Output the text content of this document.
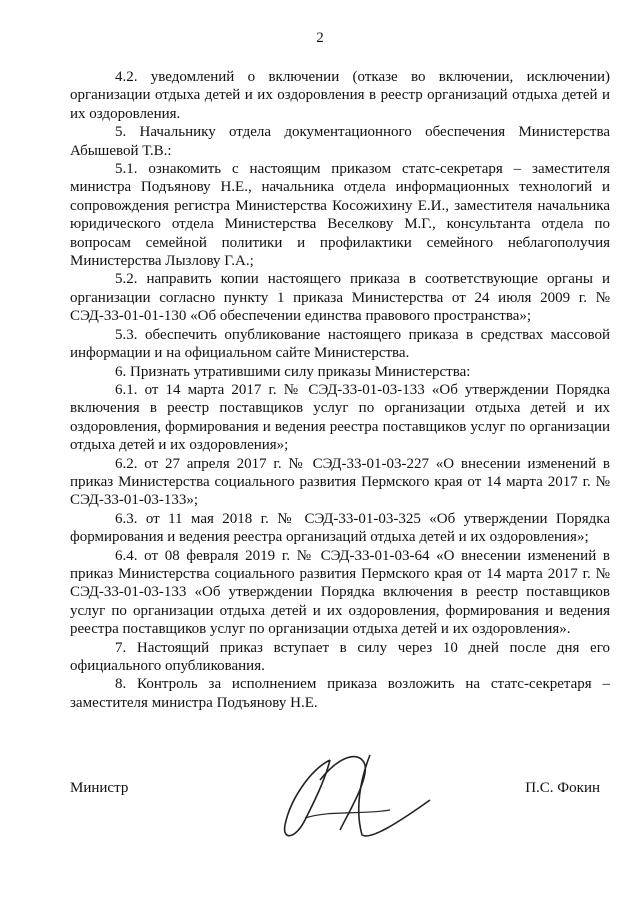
2

4.2. уведомлений о включении (отказе во включении, исключении) организации отдыха детей и их оздоровления в реестр организаций отдыха детей и их оздоровления.

5. Начальнику отдела документационного обеспечения Министерства Абышевой Т.В.:

5.1. ознакомить с настоящим приказом статс-секретаря – заместителя министра Подъянову Н.Е., начальника отдела информационных технологий и сопровождения регистра Министерства Косожихину Е.И., заместителя начальника юридического отдела Министерства Веселкову М.Г., консультанта отдела по вопросам семейной политики и профилактики семейного неблагополучия Министерства Лызлову Г.А.;

5.2. направить копии настоящего приказа в соответствующие органы и организации согласно пункту 1 приказа Министерства от 24 июля 2009 г. № СЭД-33-01-01-130 «Об обеспечении единства правового пространства»;

5.3. обеспечить опубликование настоящего приказа в средствах массовой информации и на официальном сайте Министерства.

6. Признать утратившими силу приказы Министерства:

6.1. от 14 марта 2017 г. № СЭД-33-01-03-133 «Об утверждении Порядка включения в реестр поставщиков услуг по организации отдыха детей и их оздоровления, формирования и ведения реестра поставщиков услуг по организации отдыха детей и их оздоровления»;

6.2. от 27 апреля 2017 г. № СЭД-33-01-03-227 «О внесении изменений в приказ Министерства социального развития Пермского края от 14 марта 2017 г. № СЭД-33-01-03-133»;

6.3. от 11 мая 2018 г. № СЭД-33-01-03-325 «Об утверждении Порядка формирования и ведения реестра организаций отдыха детей и их оздоровления»;

6.4. от 08 февраля 2019 г. № СЭД-33-01-03-64 «О внесении изменений в приказ Министерства социального развития Пермского края от 14 марта 2017 г. № СЭД-33-01-03-133 «Об утверждении Порядка включения в реестр поставщиков услуг по организации отдыха детей и их оздоровления, формирования и ведения реестра поставщиков услуг по организации отдыха детей и их оздоровления».

7. Настоящий приказ вступает в силу через 10 дней после дня его официального опубликования.

8. Контроль за исполнением приказа возложить на статс-секретаря – заместителя министра Подъянову Н.Е.

Министр	П.С. Фокин
